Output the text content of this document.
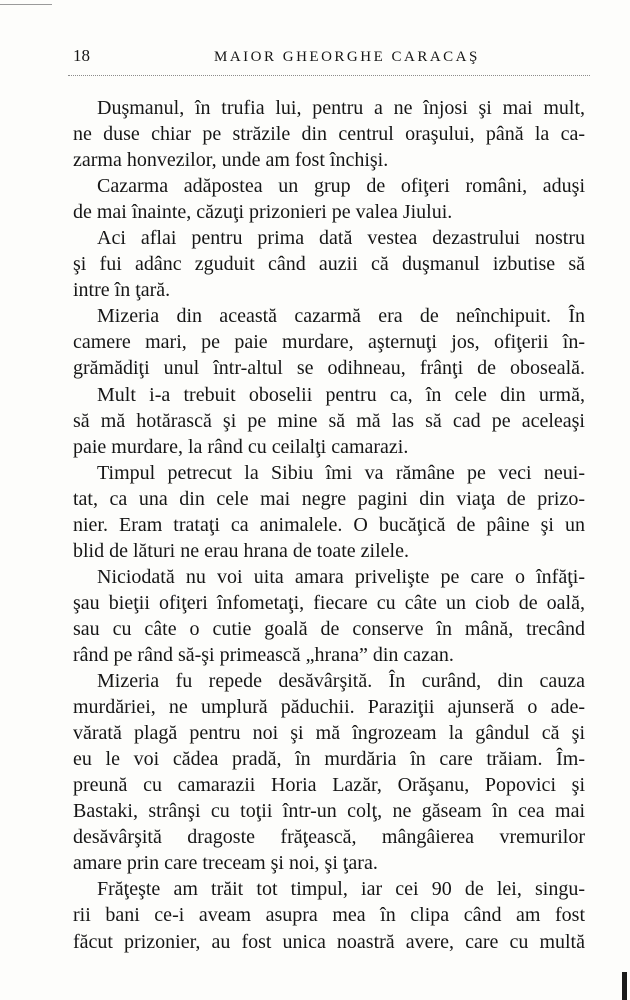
18	MAIOR GHEORGHE CARACAŞ
Duşmanul, în trufia lui, pentru a ne înjosi şi mai mult,
ne duse chiar pe străzile din centrul oraşului, până la ca-
zarma honvezilor, unde am fost închişi.
Cazarma adăpostea un grup de ofiţeri români, aduşi
de mai înainte, căzuţi prizonieri pe valea Jiului.
Aci aflai pentru prima dată vestea dezastrului nostru
şi fui adânc zguduit când auzii că duşmanul izbutise să
intre în ţară.
Mizeria din această cazarmă era de neînchipuit. În
camere mari, pe paie murdare, aşternuţi jos, ofiţerii în-
grămădiţi unul într-altul se odihneau, frânţi de oboseală.
Mult i-a trebuit oboselii pentru ca, în cele din urmă,
să mă hotărască şi pe mine să mă las să cad pe aceleaşi
paie murdare, la rând cu ceilalţi camarazi.
Timpul petrecut la Sibiu îmi va rămâne pe veci neui-
tat, ca una din cele mai negre pagini din viaţa de prizo-
nier. Eram trataţi ca animalele. O bucăţică de pâine şi un
blid de lături ne erau hrana de toate zilele.
Niciodată nu voi uita amara privelişte pe care o înfăţi-
şau bieţii ofiţeri înfometaţi, fiecare cu câte un ciob de oală,
sau cu câte o cutie goală de conserve în mână, trecând
rând pe rând să-şi primească „hrana” din cazan.
Mizeria fu repede desăvârşită. În curând, din cauza
murdăriei, ne umplură păduchii. Paraziţii ajunseră o ade-
vărată plagă pentru noi şi mă îngrozeam la gândul că şi
eu le voi cădea pradă, în murdăria în care trăiam. Îm-
preună cu camarazii Horia Lazăr, Orăşanu, Popovici şi
Bastaki, strânşi cu toţii într-un colţ, ne găseam în cea mai
desăvârşită dragoste frăţească, mângâierea vremurilor
amare prin care treceam şi noi, şi ţara.
Frăţeşte am trăit tot timpul, iar cei 90 de lei, singu-
rii bani ce-i aveam asupra mea în clipa când am fost
făcut prizonier, au fost unica noastră avere, care cu multă
